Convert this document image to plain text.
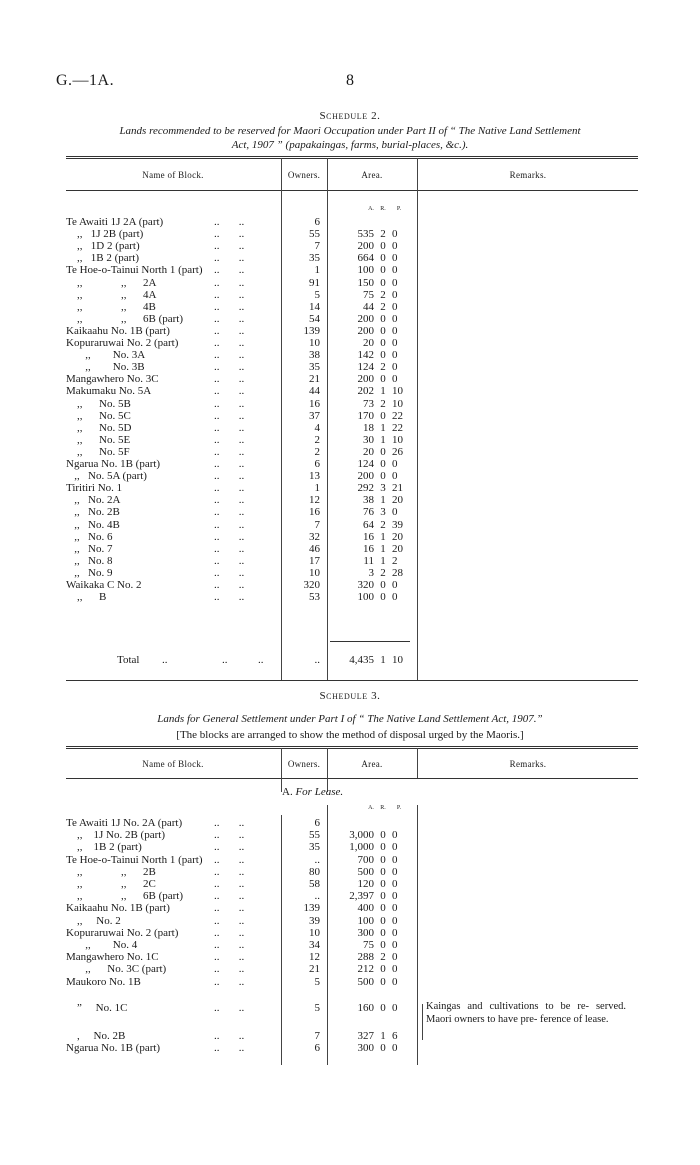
G.—1A.	8
Schedule 2.
Lands recommended to be reserved for Maori Occupation under Part II of “ The Native Land Settlement
Act, 1907 ” (papakaingas, farms, burial-places, &c.).
Name of Block.	Owners.	Area.	Remarks.
A.	R.	P.
Te Awaiti 1J 2A (part)	6
..       ..
,,   1J 2B (part)	55	535 2 0
..       ..
,,   1D 2 (part)	7	200 0 0
..       ..
,,   1B 2 (part)	35	664 0 0
..       ..
Te Hoe-o-Tainui North 1 (part)	1	100 0 0
..       ..
,,              ,,      2A	91	150 0 0
..       ..
,,              ,,      4A	5	75 2 0
..       ..
,,              ,,      4B	14	44 2 0
..       ..
,,              ,,      6B (part)	54	200 0 0
..       ..
Kaikaahu No. 1B (part)	139	200 0 0
..       ..
Kopuraruwai No. 2 (part)	10	20 0 0
..       ..
,,        No. 3A	38	142 0 0
..       ..
,,        No. 3B	35	124 2 0
..       ..
Mangawhero No. 3C	21	200 0 0
..       ..
Makumaku No. 5A	44	202 1 10
..       ..
,,      No. 5B	16	73 2 10
..       ..
,,      No. 5C	37	170 0 22
..       ..
,,      No. 5D	4	18 1 22
..       ..
,,      No. 5E	2	30 1 10
..       ..
,,      No. 5F	2	20 0 26
..       ..
Ngarua No. 1B (part)	6	124 0 0
..       ..
,,   No. 5A (part)	13	200 0 0
..       ..
Tiritiri No. 1	1	292 3 21
..       ..
,,   No. 2A	12	38 1 20
..       ..
,,   No. 2B	16	76 3 0
..       ..
,,   No. 4B	7	64 2 39
..       ..
,,   No. 6	32	16 1 20
..       ..
,,   No. 7	46	16 1 20
..       ..
,,   No. 8	17	11 1 2
..       ..
,,   No. 9	10	3 2 28
..       ..
Waikaka C No. 2	320	320 0 0
..       ..
,,      B	53	100 0 0
..       ..
Total ..	..	..	..	4,435 1 10
Schedule 3.
Lands for General Settlement under Part I of “ The Native Land Settlement Act, 1907.”
[The blocks are arranged to show the method of disposal urged by the Maoris.]
Name of Block.	Owners.	Area.	Remarks.
A. For Lease.
A.	R.	P.
Te Awaiti 1J No. 2A (part)	6
..       ..
,,    1J No. 2B (part)	55	3,000 0 0
..       ..
,,    1B 2 (part)	35	1,000 0 0
..       ..
Te Hoe-o-Tainui North 1 (part)	..	700 0 0
..       ..
,,              ,,      2B	80	500 0 0
..       ..
,,              ,,      2C	58	120 0 0
..       ..
,,              ,,      6B (part)	..	2,397 0 0
..       ..
Kaikaahu No. 1B (part)	139	400 0 0
..       ..
,,     No. 2	39	100 0 0
..       ..
Kopuraruwai No. 2 (part)	10	300 0 0
..       ..
,,        No. 4	34	75 0 0
..       ..
Mangawhero No. 1C	12	288 2 0
..       ..
,,      No. 3C (part)	21	212 0 0
..       ..
Maukoro No. 1B	5	500 0 0
..       ..
”     No. 1C	5	160 0 0
..       ..
,     No. 2B	7	327 1 6
..       ..
Ngarua No. 1B (part)	6	300 0 0
..       ..
Kaingas and cultivations to be re- served. Maori owners to have pre- ference of lease.
